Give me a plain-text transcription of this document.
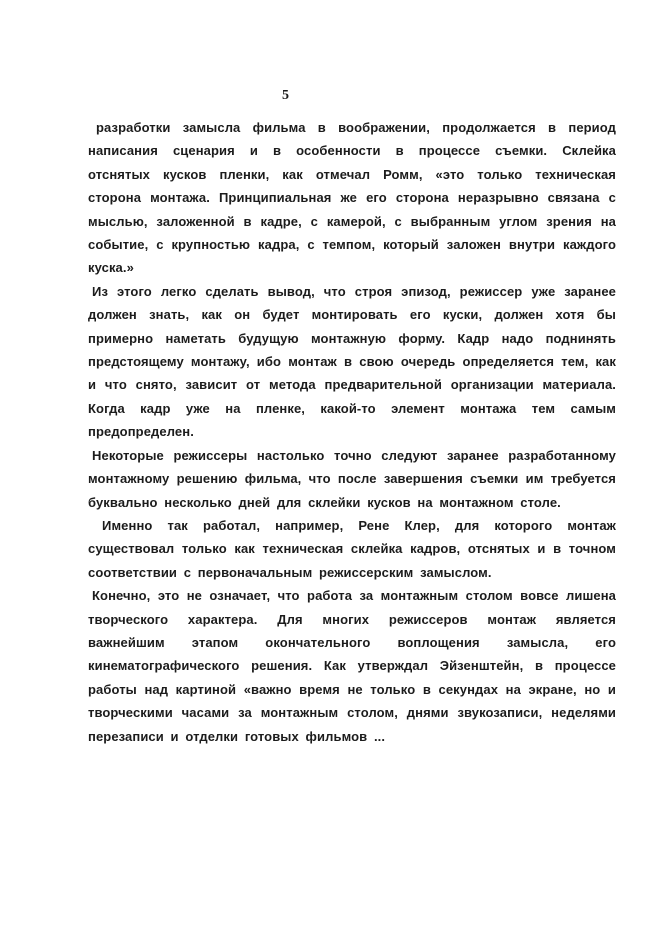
5

разработки замысла фильма в воображении, продолжается в период написания сценария и в особенности в процессе съемки. Склейка отснятых кусков пленки, как отмечал Ромм, «это только техническая сторона монтажа. Принципиальная же его сторона неразрывно связана с мыслью, заложенной в кадре, с камерой, с выбранным углом зрения на событие, с крупностью кадра, с темпом, который заложен внутри каждого куска.»

Из этого легко сделать вывод, что строя эпизод, режиссер уже заранее должен знать, как он будет монтировать его куски, должен хотя бы примерно наметать будущую монтажную форму. Кадр надо поднинять предстоящему монтажу, ибо монтаж в свою очередь определяется тем, как и что снято, зависит от метода предварительной организации материала. Когда кадр уже на пленке, какой-то элемент монтажа тем самым предопределен.

Некоторые режиссеры настолько точно следуют заранее разработанному монтажному решению фильма, что после завершения съемки им требуется буквально несколько дней для склейки кусков на монтажном столе.

Именно так работал, например, Рене Клер, для которого монтаж существовал только как техническая склейка кадров, отснятых и в точном соответствии с первоначальным режиссерским замыслом.

Конечно, это не означает, что работа за монтажным столом вовсе лишена творческого характера. Для многих режиссеров монтаж является важнейшим этапом окончательного воплощения замысла, его кинематографического решения. Как утверждал Эйзенштейн, в процессе работы над картиной «важно время не только в секундах на экране, но и творческими часами за монтажным столом, днями звукозаписи, неделями перезаписи и отделки готовых фильмов ...
